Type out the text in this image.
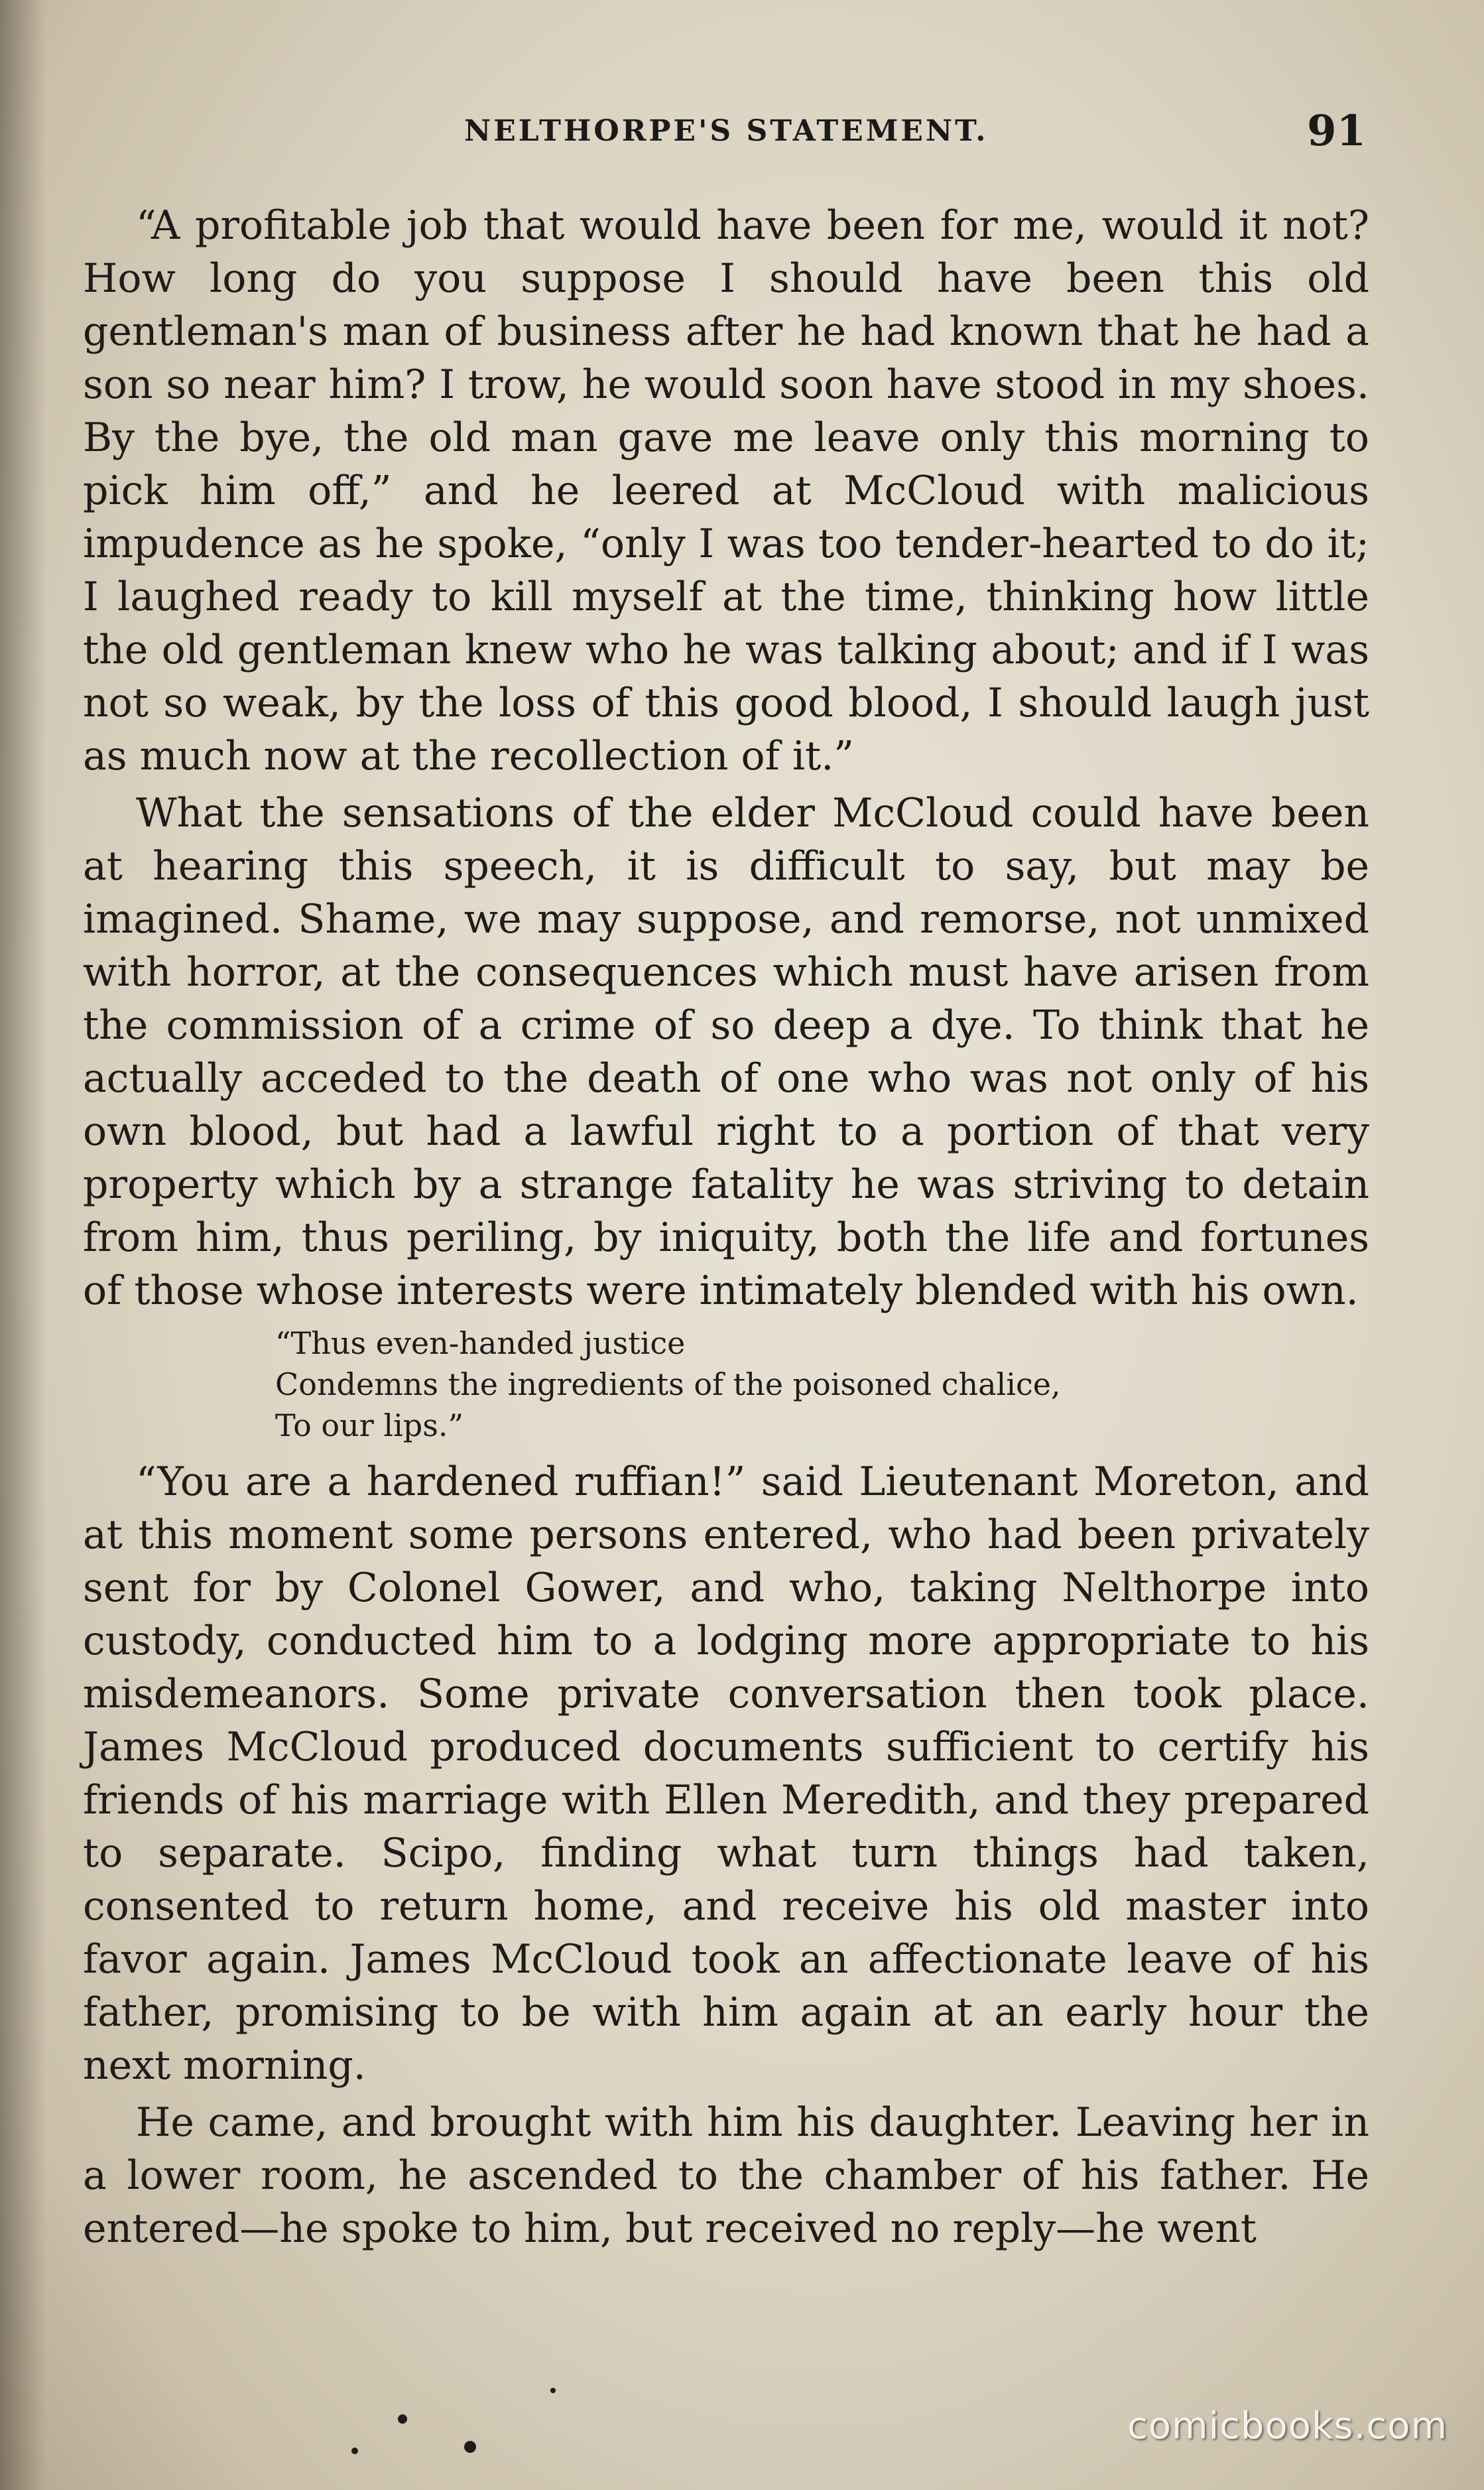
NELTHORPE'S STATEMENT.	91

“A profitable job that would have been for me, would it not? How long do you suppose I should have been this old gentleman's man of business after he had known that he had a son so near him? I trow, he would soon have stood in my shoes. By the bye, the old man gave me leave only this morning to pick him off,” and he leered at McCloud with malicious impudence as he spoke, “only I was too tender-hearted to do it; I laughed ready to kill myself at the time, thinking how little the old gentleman knew who he was talking about; and if I was not so weak, by the loss of this good blood, I should laugh just as much now at the recollection of it.”

What the sensations of the elder McCloud could have been at hearing this speech, it is difficult to say, but may be imagined. Shame, we may suppose, and remorse, not unmixed with horror, at the consequences which must have arisen from the commission of a crime of so deep a dye. To think that he actually acceded to the death of one who was not only of his own blood, but had a lawful right to a portion of that very property which by a strange fatality he was striving to detain from him, thus periling, by iniquity, both the life and fortunes of those whose interests were intimately blended with his own.

“Thus even-handed justice
Condemns the ingredients of the poisoned chalice,
To our lips.”

“You are a hardened ruffian!” said Lieutenant Moreton, and at this moment some persons entered, who had been privately sent for by Colonel Gower, and who, taking Nelthorpe into custody, conducted him to a lodging more appropriate to his misdemeanors. Some private conversation then took place. James McCloud produced documents sufficient to certify his friends of his marriage with Ellen Meredith, and they prepared to separate. Scipo, finding what turn things had taken, consented to return home, and receive his old master into favor again. James McCloud took an affectionate leave of his father, promising to be with him again at an early hour the next morning.

He came, and brought with him his daughter. Leaving her in a lower room, he ascended to the chamber of his father. He entered—he spoke to him, but received no reply—he went

comicbooks.com
